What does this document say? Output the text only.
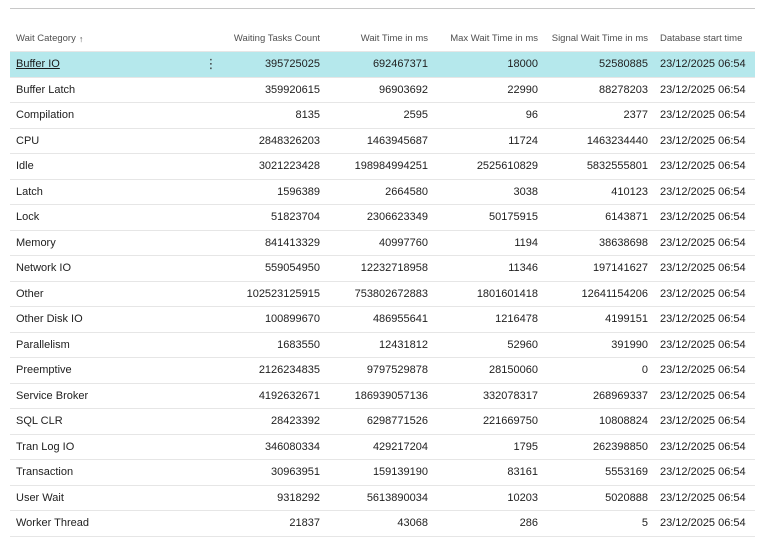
Wait Category ↑	Waiting Tasks Count	Wait Time in ms	Max Wait Time in ms	Signal Wait Time in ms	Database start time
Buffer IO	⋮	395725025	692467371	18000	52580885	23/12/2025 06:54
Buffer Latch	359920615	96903692	22990	88278203	23/12/2025 06:54
Compilation	8135	2595	96	2377	23/12/2025 06:54
CPU	2848326203	1463945687	11724	1463234440	23/12/2025 06:54
Idle	3021223428	198984994251	2525610829	5832555801	23/12/2025 06:54
Latch	1596389	2664580	3038	410123	23/12/2025 06:54
Lock	51823704	2306623349	50175915	6143871	23/12/2025 06:54
Memory	841413329	40997760	1194	38638698	23/12/2025 06:54
Network IO	559054950	12232718958	11346	197141627	23/12/2025 06:54
Other	102523125915	753802672883	1801601418	12641154206	23/12/2025 06:54
Other Disk IO	100899670	486955641	1216478	4199151	23/12/2025 06:54
Parallelism	1683550	12431812	52960	391990	23/12/2025 06:54
Preemptive	2126234835	9797529878	28150060	0	23/12/2025 06:54
Service Broker	4192632671	186939057136	332078317	268969337	23/12/2025 06:54
SQL CLR	28423392	6298771526	221669750	10808824	23/12/2025 06:54
Tran Log IO	346080334	429217204	1795	262398850	23/12/2025 06:54
Transaction	30963951	159139190	83161	5553169	23/12/2025 06:54
User Wait	9318292	5613890034	10203	5020888	23/12/2025 06:54
Worker Thread	21837	43068	286	5	23/12/2025 06:54
